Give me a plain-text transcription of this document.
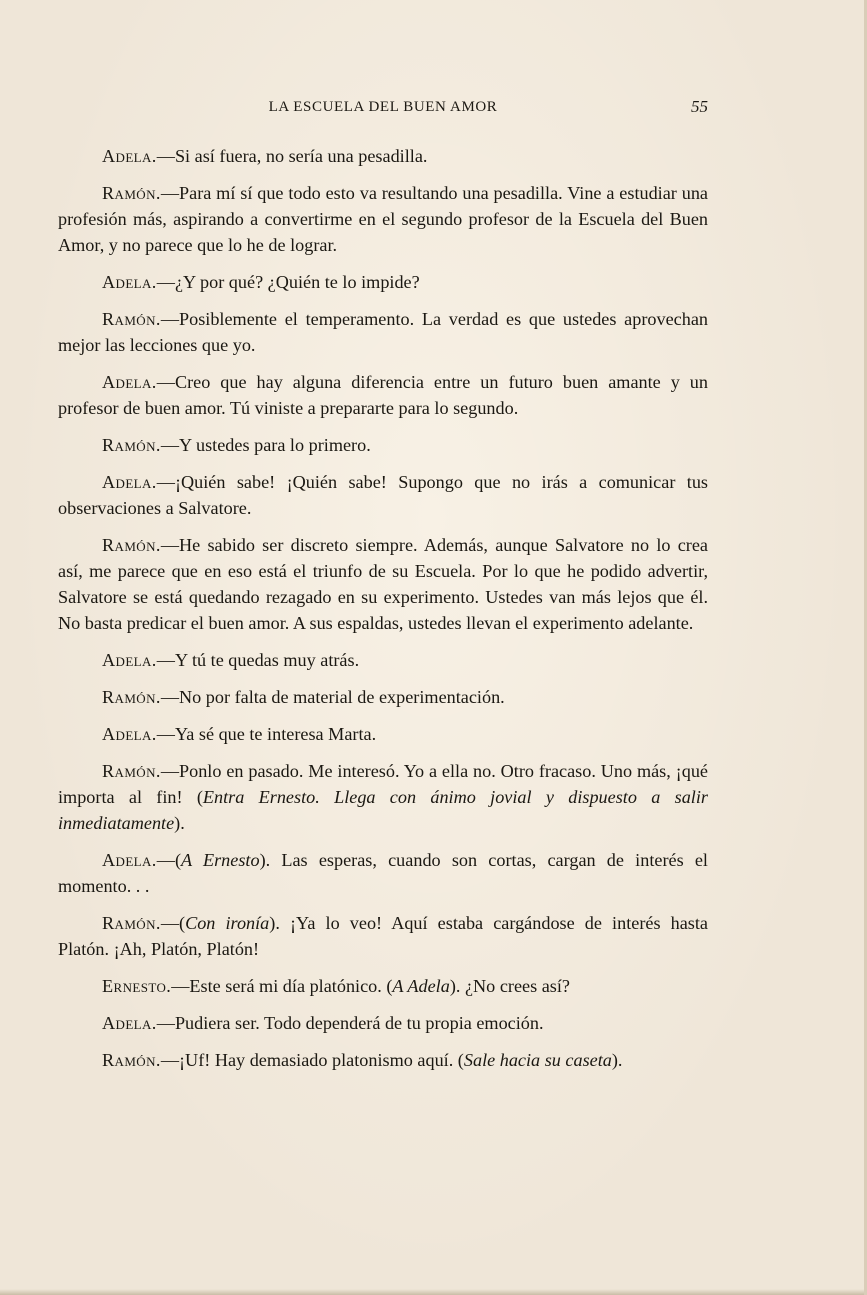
LA ESCUELA DEL BUEN AMOR	55

Adela.—Si así fuera, no sería una pesadilla.

Ramón.—Para mí sí que todo esto va resultando una pesadilla. Vine a estudiar una profesión más, aspirando a convertirme en el segundo profesor de la Escuela del Buen Amor, y no parece que lo he de lograr.

Adela.—¿Y por qué? ¿Quién te lo impide?

Ramón.—Posiblemente el temperamento. La verdad es que ustedes aprovechan mejor las lecciones que yo.

Adela.—Creo que hay alguna diferencia entre un futuro buen amante y un profesor de buen amor. Tú viniste a prepararte para lo segundo.

Ramón.—Y ustedes para lo primero.

Adela.—¡Quién sabe! ¡Quién sabe! Supongo que no irás a comunicar tus observaciones a Salvatore.

Ramón.—He sabido ser discreto siempre. Además, aunque Salvatore no lo crea así, me parece que en eso está el triunfo de su Escuela. Por lo que he podido advertir, Salvatore se está quedando rezagado en su experimento. Ustedes van más lejos que él. No basta predicar el buen amor. A sus espaldas, ustedes llevan el experimento adelante.

Adela.—Y tú te quedas muy atrás.

Ramón.—No por falta de material de experimentación.

Adela.—Ya sé que te interesa Marta.

Ramón.—Ponlo en pasado. Me interesó. Yo a ella no. Otro fracaso. Uno más, ¡qué importa al fin! (Entra Ernesto. Llega con ánimo jovial y dispuesto a salir inmediatamente).

Adela.—(A Ernesto). Las esperas, cuando son cortas, cargan de interés el momento. . .

Ramón.—(Con ironía). ¡Ya lo veo! Aquí estaba cargándose de interés hasta Platón. ¡Ah, Platón, Platón!

Ernesto.—Este será mi día platónico. (A Adela). ¿No crees así?

Adela.—Pudiera ser. Todo dependerá de tu propia emoción.

Ramón.—¡Uf! Hay demasiado platonismo aquí. (Sale hacia su caseta).
